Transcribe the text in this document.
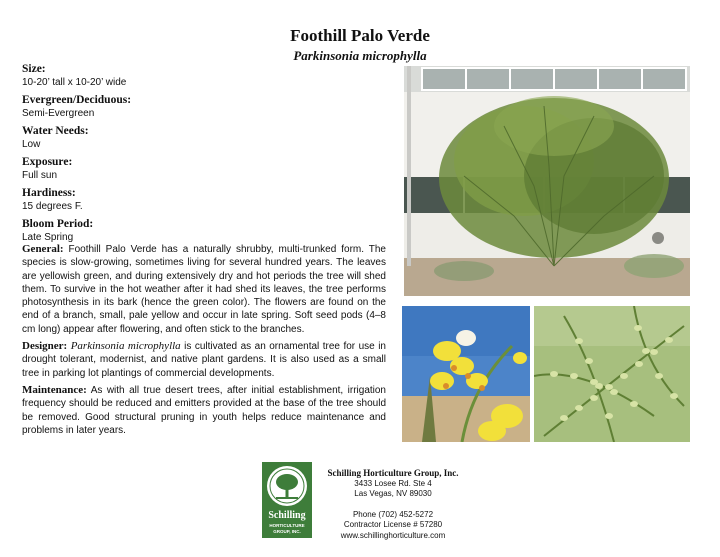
Foothill Palo Verde
Parkinsonia microphylla
Size:
10-20’ tall x 10-20’ wide
Evergreen/Deciduous:
Semi-Evergreen
Water Needs:
Low
Exposure:
Full sun
Hardiness:
15 degrees F.
Bloom Period:
Late Spring

General: Foothill Palo Verde has a naturally shrubby, multi-trunked form. The species is slow-growing, sometimes living for several hundred years. The leaves are yellowish green, and during extensively dry and hot periods the tree will shed them. To survive in the hot weather after it had shed its leaves, the tree performs photosynthesis in its bark (hence the green color). The flowers are found on the end of a branch, small, pale yellow and occur in late spring. Soft seed pods (4–8 cm long) appear after flowering, and often stick to the branches.

Designer: Parkinsonia microphylla is cultivated as an ornamental tree for use in drought tolerant, modernist, and native plant gardens. It is also used as a small tree in parking lot plantings of commercial developments.

Maintenance: As with all true desert trees, after initial establishment, irrigation frequency should be reduced and emitters provided at the base of the tree should be removed. Good structural pruning in youth helps reduce maintenance and problems in later years.

Schilling
HORTICULTURE
GROUP, INC.
Schilling Horticulture Group, Inc.
3433 Losee Rd. Ste 4
Las Vegas, NV 89030
Phone (702) 452-5272
Contractor License # 57280
www.schillinghorticulture.com
